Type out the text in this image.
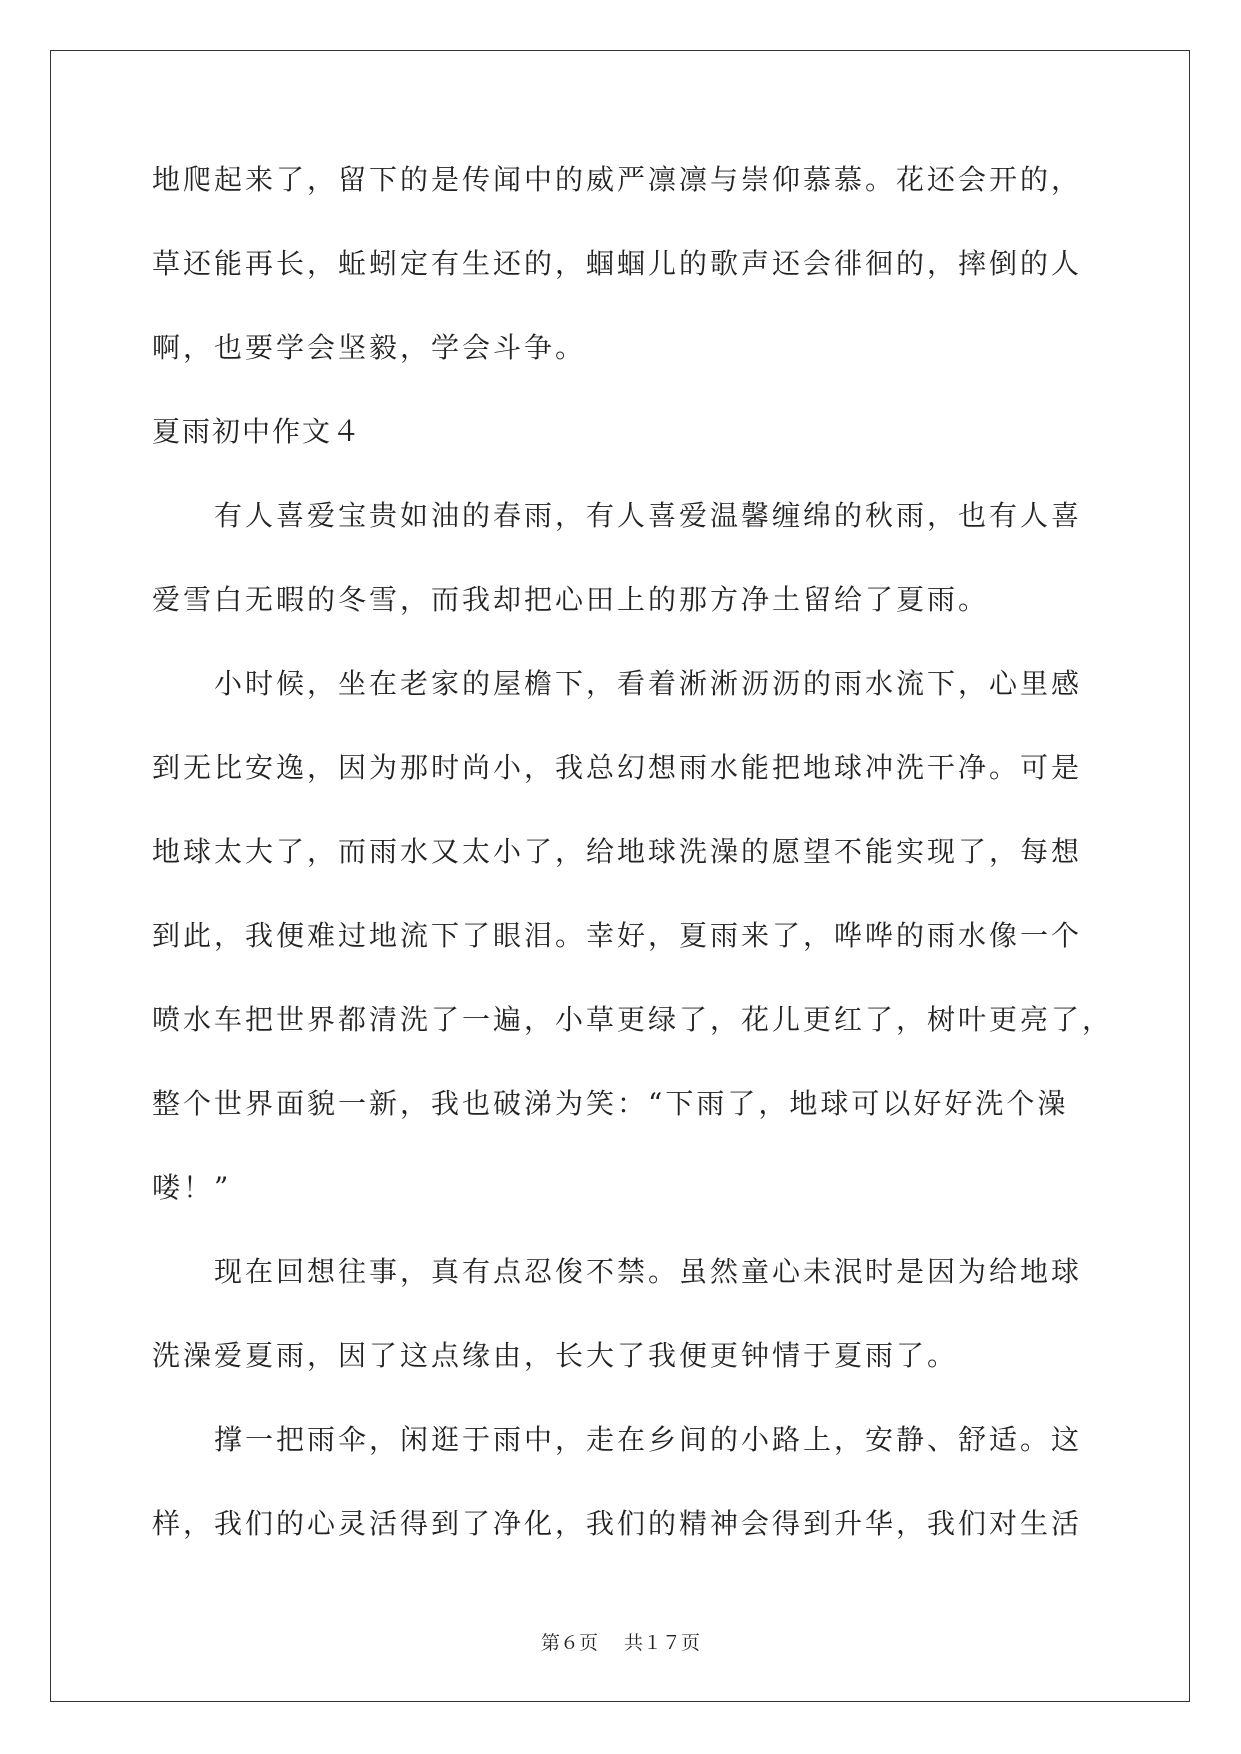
地爬起来了，留下的是传闻中的威严凛凛与崇仰慕慕。花还会开的，
草还能再长，蚯蚓定有生还的，蝈蝈儿的歌声还会徘徊的，摔倒的人
啊，也要学会坚毅，学会斗争。
夏雨初中作文４
有人喜爱宝贵如油的春雨，有人喜爱温馨缠绵的秋雨，也有人喜
爱雪白无暇的冬雪，而我却把心田上的那方净土留给了夏雨。
小时候，坐在老家的屋檐下，看着淅淅沥沥的雨水流下，心里感
到无比安逸，因为那时尚小，我总幻想雨水能把地球冲洗干净。可是
地球太大了，而雨水又太小了，给地球洗澡的愿望不能实现了，每想
到此，我便难过地流下了眼泪。幸好，夏雨来了，哗哗的雨水像一个
喷水车把世界都清洗了一遍，小草更绿了，花儿更红了，树叶更亮了，
整个世界面貌一新，我也破涕为笑：“下雨了，地球可以好好洗个澡
喽！”
现在回想往事，真有点忍俊不禁。虽然童心未泯时是因为给地球
洗澡爱夏雨，因了这点缘由，长大了我便更钟情于夏雨了。
撑一把雨伞，闲逛于雨中，走在乡间的小路上，安静、舒适。这
样，我们的心灵活得到了净化，我们的精神会得到升华，我们对生活
第６页 共１７页
